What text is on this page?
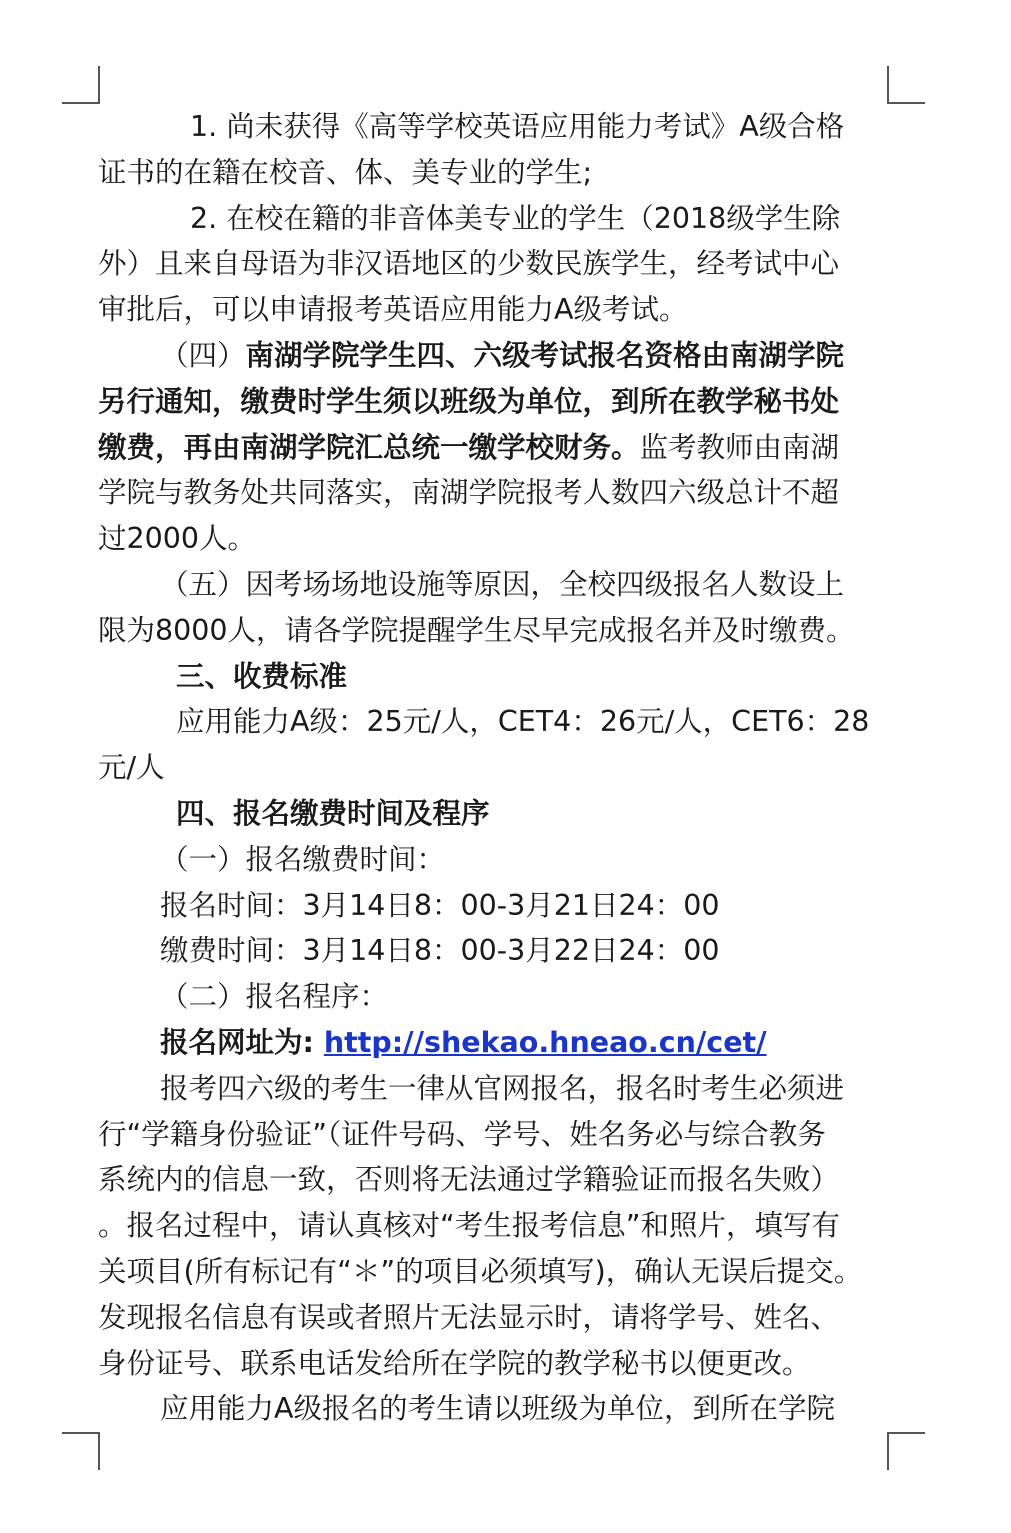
1. 尚未获得《高等学校英语应用能力考试》A级合格

证书的在籍在校音、体、美专业的学生;

2. 在校在籍的非音体美专业的学生（2018级学生除

外）且来自母语为非汉语地区的少数民族学生，经考试中心

审批后，可以申请报考英语应用能力A级考试。

（四）南湖学院学生四、六级考试报名资格由南湖学院

另行通知，缴费时学生须以班级为单位，到所在教学秘书处

缴费，再由南湖学院汇总统一缴学校财务。监考教师由南湖

学院与教务处共同落实，南湖学院报考人数四六级总计不超

过2000人。

（五）因考场场地设施等原因，全校四级报名人数设上

限为8000人，请各学院提醒学生尽早完成报名并及时缴费。

三、收费标准

应用能力A级：25元/人，CET4：26元/人，CET6：28

元/人

四、报名缴费时间及程序

（一）报名缴费时间：

报名时间：3月14日8：00-3月21日24：00

缴费时间：3月14日8：00-3月22日24：00

（二）报名程序：

报名网址为: http://shekao.hneao.cn/cet/

报考四六级的考生一律从官网报名，报名时考生必须进

行“学籍身份验证”（证件号码、学号、姓名务必与综合教务

系统内的信息一致，否则将无法通过学籍验证而报名失败）

。报名过程中，请认真核对“考生报考信息”和照片，填写有

关项目(所有标记有“＊”的项目必须填写)，确认无误后提交。

发现报名信息有误或者照片无法显示时，请将学号、姓名、

身份证号、联系电话发给所在学院的教学秘书以便更改。

应用能力A级报名的考生请以班级为单位，到所在学院
